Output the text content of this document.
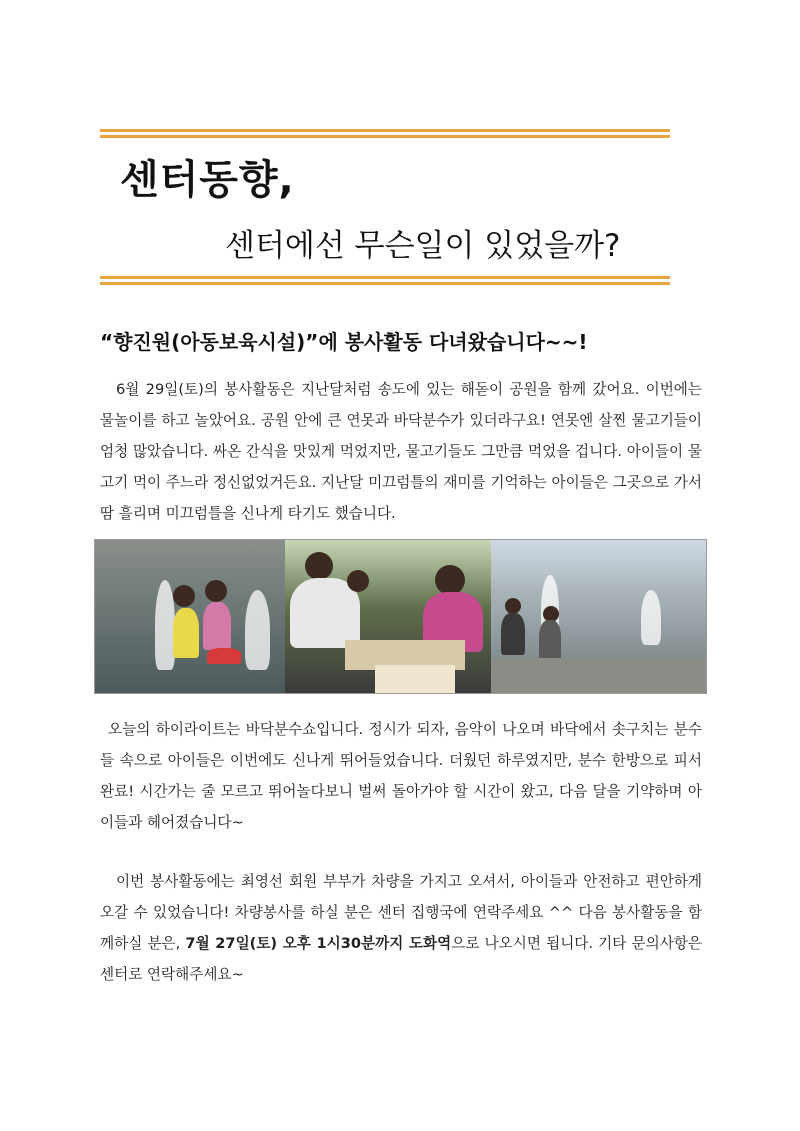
센터동향,
센터에선 무슨일이 있었을까?
“향진원(아동보육시설)”에 봉사활동 다녀왔습니다~~!
6월 29일(토)의 봉사활동은 지난달처럼 송도에 있는 해돋이 공원을 함께 갔어요. 이번에는 물놀이를 하고 놀았어요. 공원 안에 큰 연못과 바닥분수가 있더라구요! 연못엔 살찐 물고기들이 엄청 많았습니다. 싸온 간식을 맛있게 먹었지만, 물고기들도 그만큼 먹었을 겁니다. 아이들이 물고기 먹이 주느라 정신없었거든요. 지난달 미끄럼틀의 재미를 기억하는 아이들은 그곳으로 가서 땀 흘리며 미끄럼틀을 신나게 타기도 했습니다.
오늘의 하이라이트는 바닥분수쇼입니다. 정시가 되자, 음악이 나오며 바닥에서 솟구치는 분수들 속으로 아이들은 이번에도 신나게 뛰어들었습니다. 더웠던 하루였지만, 분수 한방으로 피서 완료! 시간가는 줄 모르고 뛰어놀다보니 벌써 돌아가야 할 시간이 왔고, 다음 달을 기약하며 아이들과 헤어졌습니다~
이번 봉사활동에는 최영선 회원 부부가 차량을 가지고 오셔서, 아이들과 안전하고 편안하게 오갈 수 있었습니다! 차량봉사를 하실 분은 센터 집행국에 연락주세요 ^^ 다음 봉사활동을 함께하실 분은, 7월 27일(토) 오후 1시30분까지 도화역으로 나오시면 됩니다. 기타 문의사항은 센터로 연락해주세요~
